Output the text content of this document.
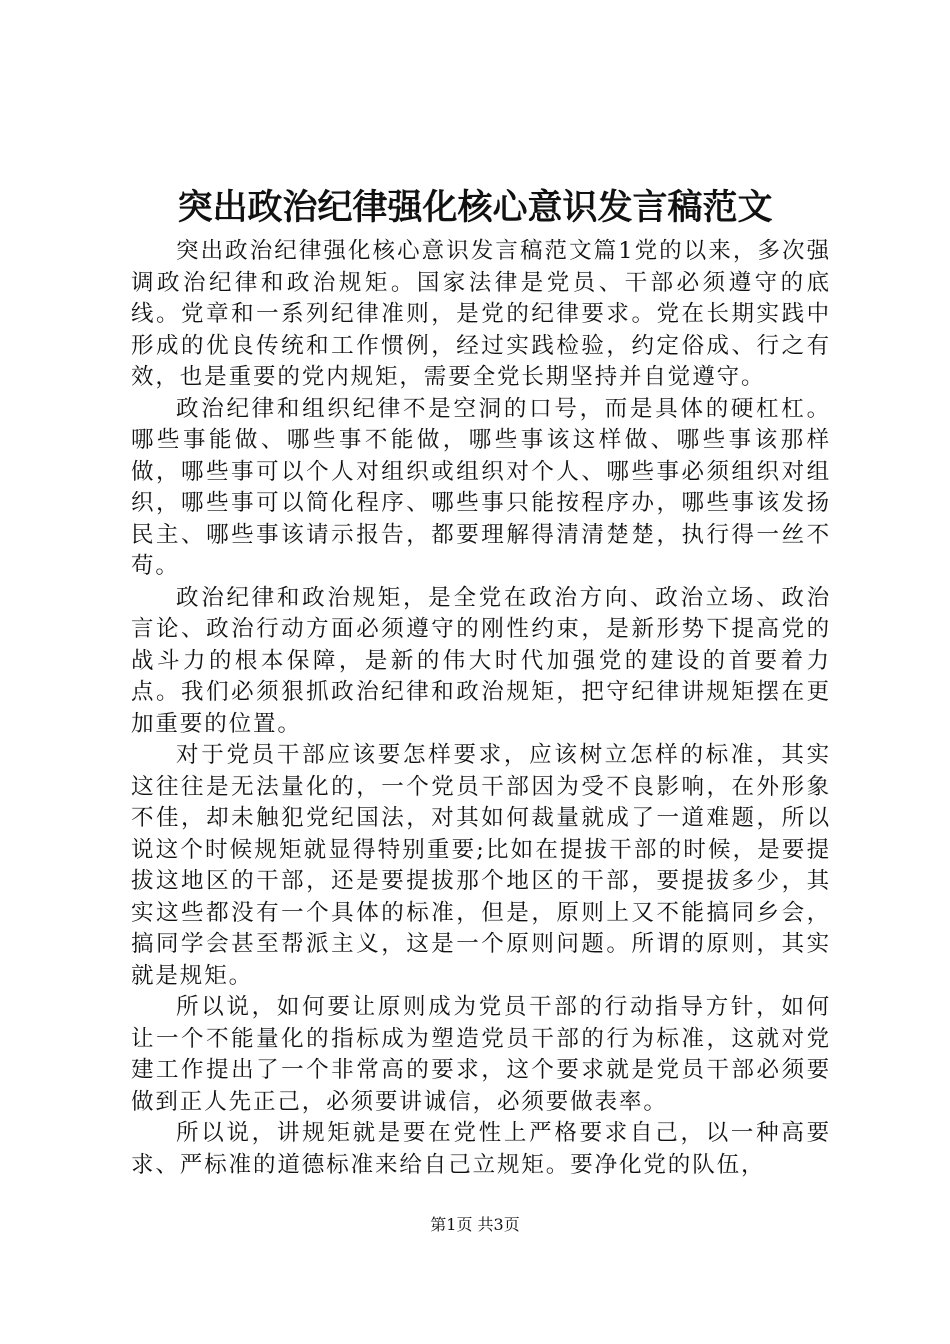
突出政治纪律强化核心意识发言稿范文

突出政治纪律强化核心意识发言稿范文篇1党的以来，多次强调政治纪律和政治规矩。国家法律是党员、干部必须遵守的底线。党章和一系列纪律准则，是党的纪律要求。党在长期实践中形成的优良传统和工作惯例，经过实践检验，约定俗成、行之有效，也是重要的党内规矩，需要全党长期坚持并自觉遵守。

政治纪律和组织纪律不是空洞的口号，而是具体的硬杠杠。哪些事能做、哪些事不能做，哪些事该这样做、哪些事该那样做，哪些事可以个人对组织或组织对个人、哪些事必须组织对组织，哪些事可以简化程序、哪些事只能按程序办，哪些事该发扬民主、哪些事该请示报告，都要理解得清清楚楚，执行得一丝不苟。

政治纪律和政治规矩，是全党在政治方向、政治立场、政治言论、政治行动方面必须遵守的刚性约束，是新形势下提高党的战斗力的根本保障，是新的伟大时代加强党的建设的首要着力点。我们必须狠抓政治纪律和政治规矩，把守纪律讲规矩摆在更加重要的位置。

对于党员干部应该要怎样要求，应该树立怎样的标准，其实这往往是无法量化的，一个党员干部因为受不良影响，在外形象不佳，却未触犯党纪国法，对其如何裁量就成了一道难题，所以说这个时候规矩就显得特别重要;比如在提拔干部的时候，是要提拔这地区的干部，还是要提拔那个地区的干部，要提拔多少，其实这些都没有一个具体的标准，但是，原则上又不能搞同乡会，搞同学会甚至帮派主义，这是一个原则问题。所谓的原则，其实就是规矩。

所以说，如何要让原则成为党员干部的行动指导方针，如何让一个不能量化的指标成为塑造党员干部的行为标准，这就对党建工作提出了一个非常高的要求，这个要求就是党员干部必须要做到正人先正己，必须要讲诚信，必须要做表率。

所以说，讲规矩就是要在党性上严格要求自己，以一种高要求、严标准的道德标准来给自己立规矩。要净化党的队伍，

第1页 共3页
